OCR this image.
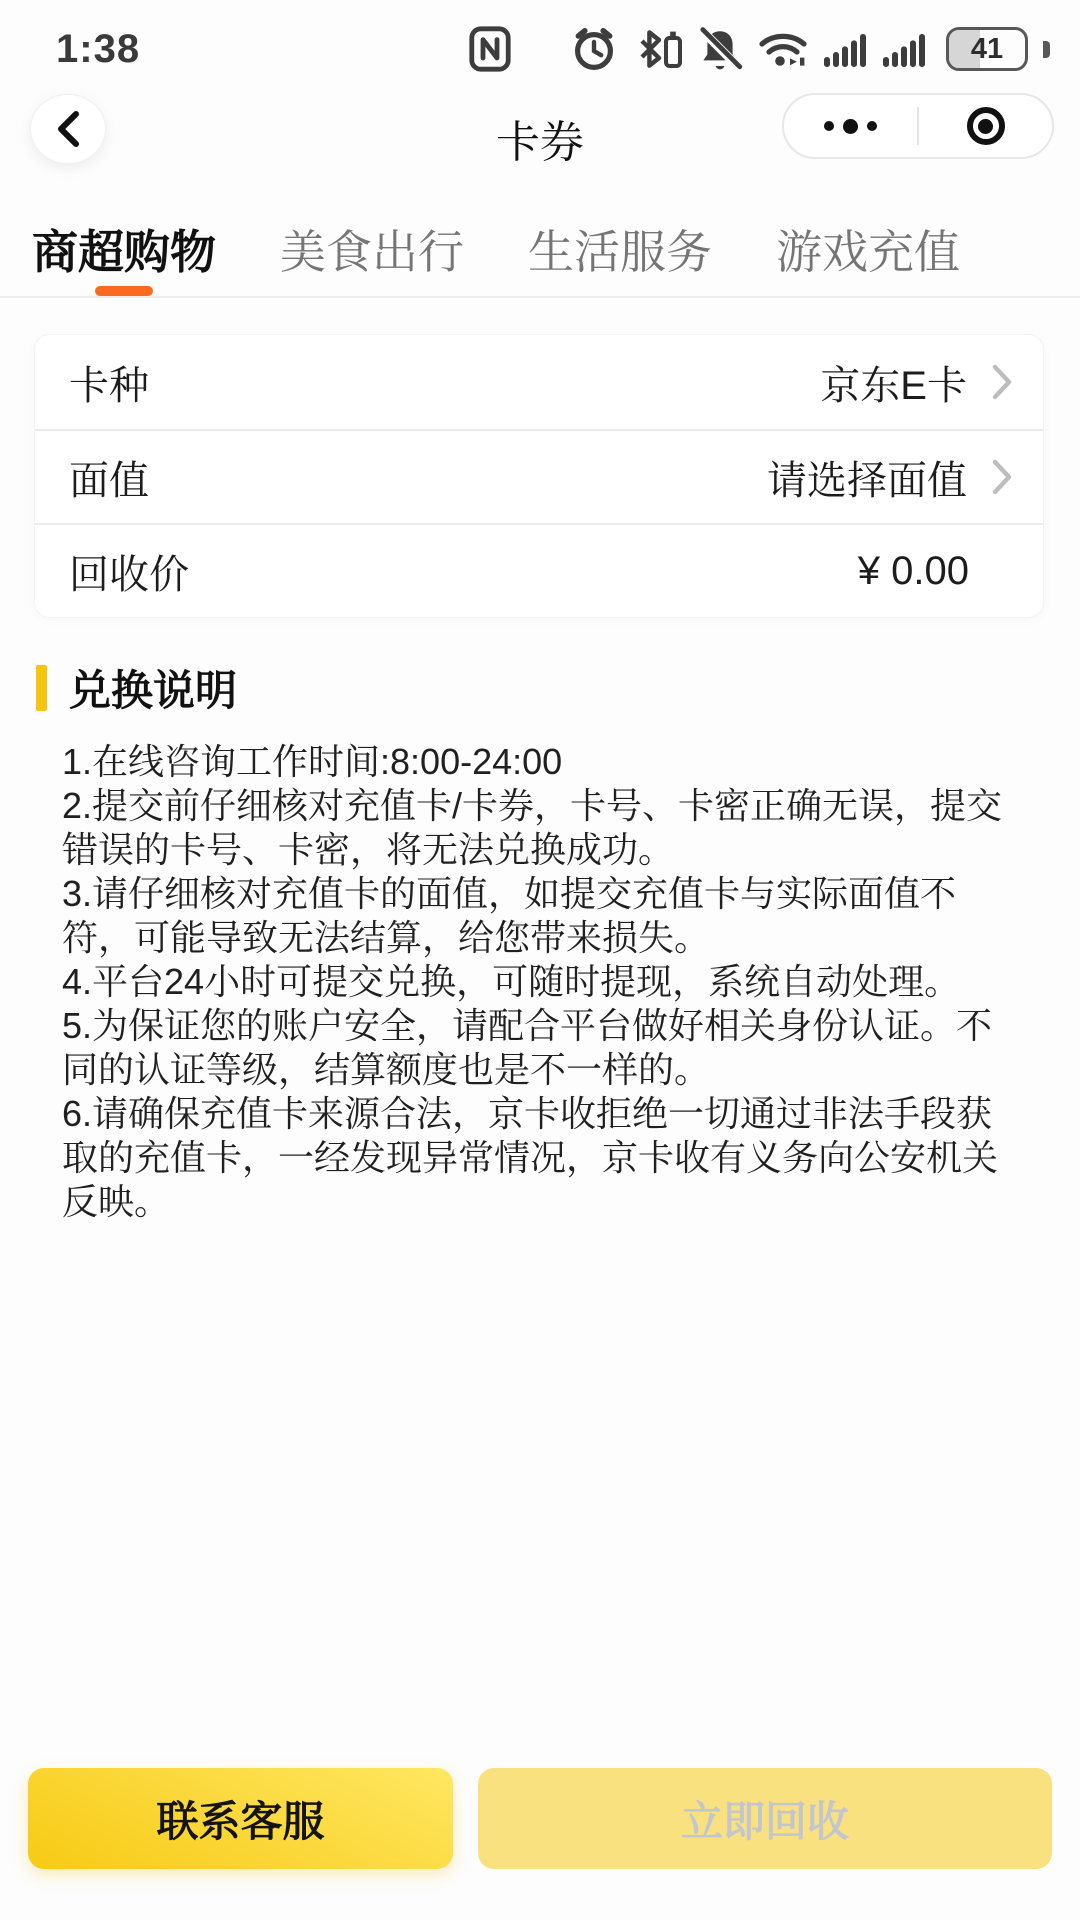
1:38	41
卡券
商超购物 美食出行 生活服务 游戏充值
卡种	京东E卡
面值	请选择面值
回收价	¥ 0.00
兑换说明

1.在线咨询工作时间:8:00-24:00

2.提交前仔细核对充值卡/卡券，卡号、卡密正确无误，提交错误的卡号、卡密，将无法兑换成功。

3.请仔细核对充值卡的面值，如提交充值卡与实际面值不符，可能导致无法结算，给您带来损失。

4.平台24小时可提交兑换，可随时提现，系统自动处理。

5.为保证您的账户安全，请配合平台做好相关身份认证。不同的认证等级，结算额度也是不一样的。

6.请确保充值卡来源合法，京卡收拒绝一切通过非法手段获取的充值卡，一经发现异常情况，京卡收有义务向公安机关反映。

联系客服	立即回收
